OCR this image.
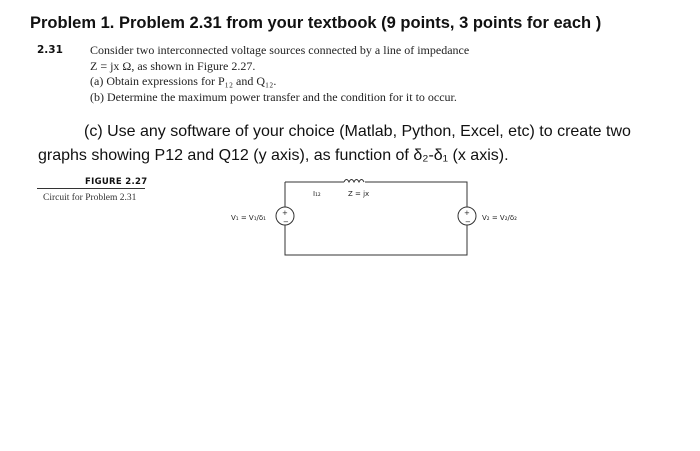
Problem 1. Problem 2.31 from your textbook (9 points, 3 points for each )
2.31 Consider two interconnected voltage sources connected by a line of impedance
Z = jx Ω, as shown in Figure 2.27.
(a) Obtain expressions for P₁₂ and Q₁₂.
(b) Determine the maximum power transfer and the condition for it to occur.
(c) Use any software of your choice (Matlab, Python, Excel, etc) to create two graphs showing P12 and Q12 (y axis), as function of δ₂-δ₁ (x axis).
FIGURE 2.27
Circuit for Problem 2.31
+
−
+
−
I₁₂	Z = jx
V₁ = V₁/δ₁	V₂ = V₂/δ₂
